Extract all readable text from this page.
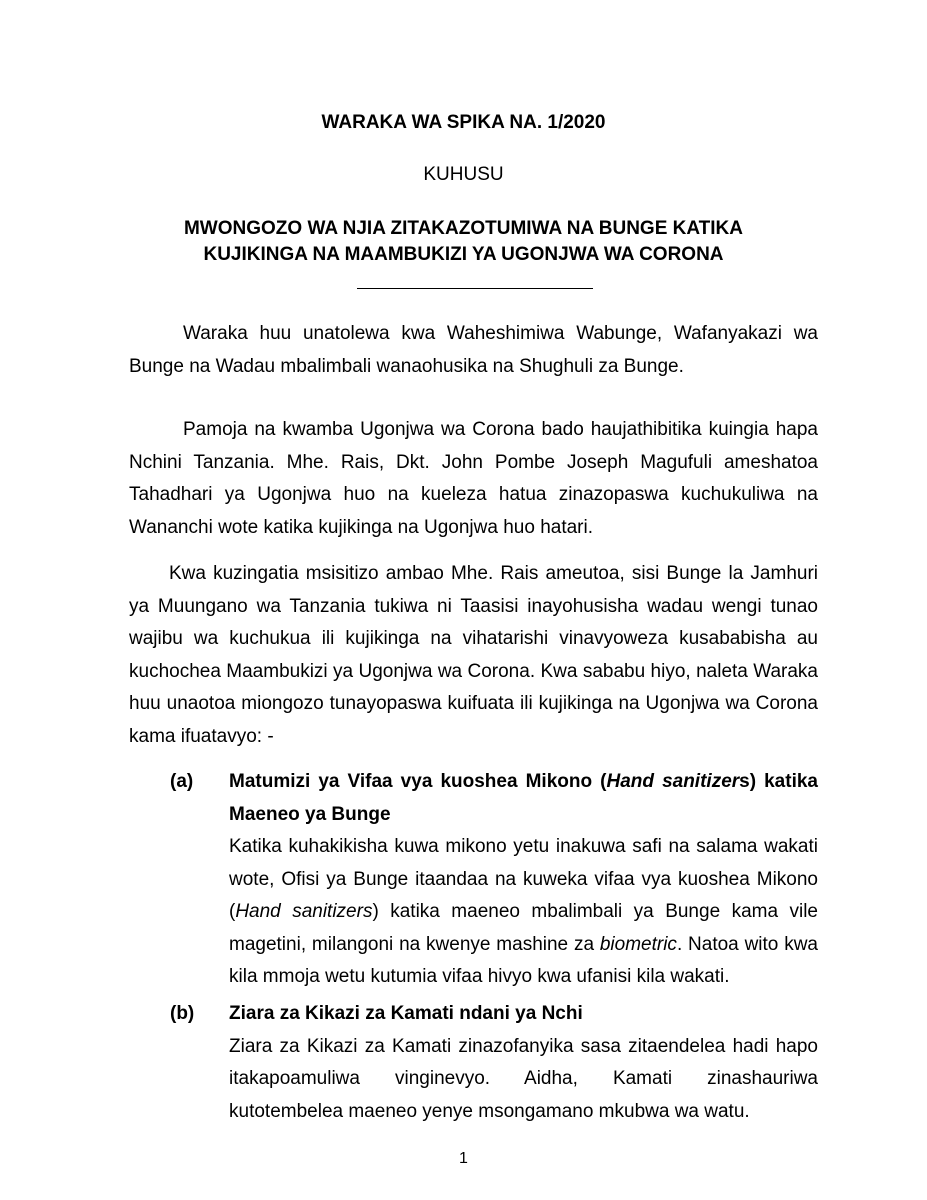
WARAKA WA SPIKA NA. 1/2020
KUHUSU
MWONGOZO WA NJIA ZITAKAZOTUMIWA NA BUNGE KATIKA
KUJIKINGA NA MAAMBUKIZI YA UGONJWA WA CORONA

Waraka huu unatolewa kwa Waheshimiwa Wabunge, Wafanyakazi wa Bunge na Wadau mbalimbali wanaohusika na Shughuli za Bunge.

Pamoja na kwamba Ugonjwa wa Corona bado haujathibitika kuingia hapa Nchini Tanzania. Mhe. Rais, Dkt. John Pombe Joseph Magufuli ameshatoa Tahadhari ya Ugonjwa huo na kueleza hatua zinazopaswa kuchukuliwa na Wananchi wote katika kujikinga na Ugonjwa huo hatari.

Kwa kuzingatia msisitizo ambao Mhe. Rais ameutoa, sisi Bunge la Jamhuri ya Muungano wa Tanzania tukiwa ni Taasisi inayohusisha wadau wengi tunao wajibu wa kuchukua ili kujikinga na vihatarishi vinavyoweza kusababisha au kuchochea Maambukizi ya Ugonjwa wa Corona. Kwa sababu hiyo, naleta Waraka huu unaotoa miongozo tunayopaswa kuifuata ili kujikinga na Ugonjwa wa Corona kama ifuatavyo: -

(a) Matumizi ya Vifaa vya kuoshea Mikono (Hand sanitizers) katika Maeneo ya Bunge
Katika kuhakikisha kuwa mikono yetu inakuwa safi na salama wakati wote, Ofisi ya Bunge itaandaa na kuweka vifaa vya kuoshea Mikono (Hand sanitizers) katika maeneo mbalimbali ya Bunge kama vile magetini, milangoni na kwenye mashine za biometric. Natoa wito kwa kila mmoja wetu kutumia vifaa hivyo kwa ufanisi kila wakati.
(b) Ziara za Kikazi za Kamati ndani ya Nchi
Ziara za Kikazi za Kamati zinazofanyika sasa zitaendelea hadi hapo itakapoamuliwa vinginevyo. Aidha, Kamati zinashauriwa kutotembelea maeneo yenye msongamano mkubwa wa watu.
1
